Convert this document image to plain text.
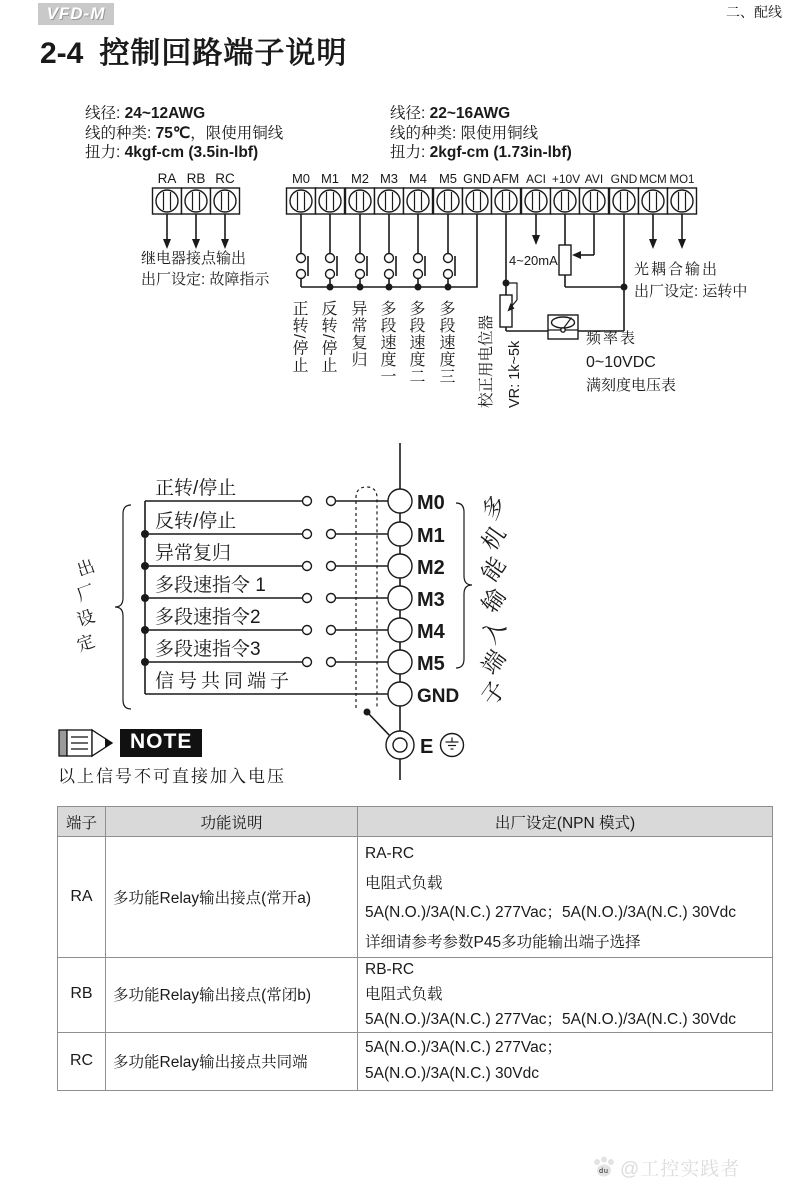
VFD-M	二、配线
2-4 控制回路端子说明
线径: 24~12AWG
线的种类: 75℃，限使用铜线
扭力: 4kgf-cm (3.5in-lbf)
线径: 22~16AWG
线的种类: 限使用铜线
扭力: 2kgf-cm (1.73in-lbf)
RA RB RC
继电器接点输出
出厂设定: 故障指示
M0 M1 M2 M3 M4 M5 GND AFM ACI +10V AVI GND MCM MO1
4~20mA
光耦合输出
出厂设定: 运转中
频率表
0~10VDC
满刻度电压表
校正用电位器 VR: 1k~5k
正转/停止 反转/停止 异常复归 多段速度一 多段速度二 多段速度三
正转/停止
反转/停止
异常复归
多段速指令 1
多段速指令2
多段速指令3
信号共同端子
M0
M1
M2
M3
M4
M5
GND
E
出
厂
设
定
多
机
能
输
入
端
子
NOTE
以上信号不可直接加入电压
端子	功能说明	出厂设定(NPN 模式)
RA	多功能Relay输出接点(常开a)
RA-RC
电阻式负载
5A(N.O.)/3A(N.C.) 277Vac；5A(N.O.)/3A(N.C.) 30Vdc
详细请参考参数P45多功能输出端子选择
RB	多功能Relay输出接点(常闭b)
RB-RC
电阻式负载
5A(N.O.)/3A(N.C.) 277Vac；5A(N.O.)/3A(N.C.) 30Vdc
RC	多功能Relay输出接点共同端
5A(N.O.)/3A(N.C.) 277Vac；
5A(N.O.)/3A(N.C.) 30Vdc
du @工控实践者
